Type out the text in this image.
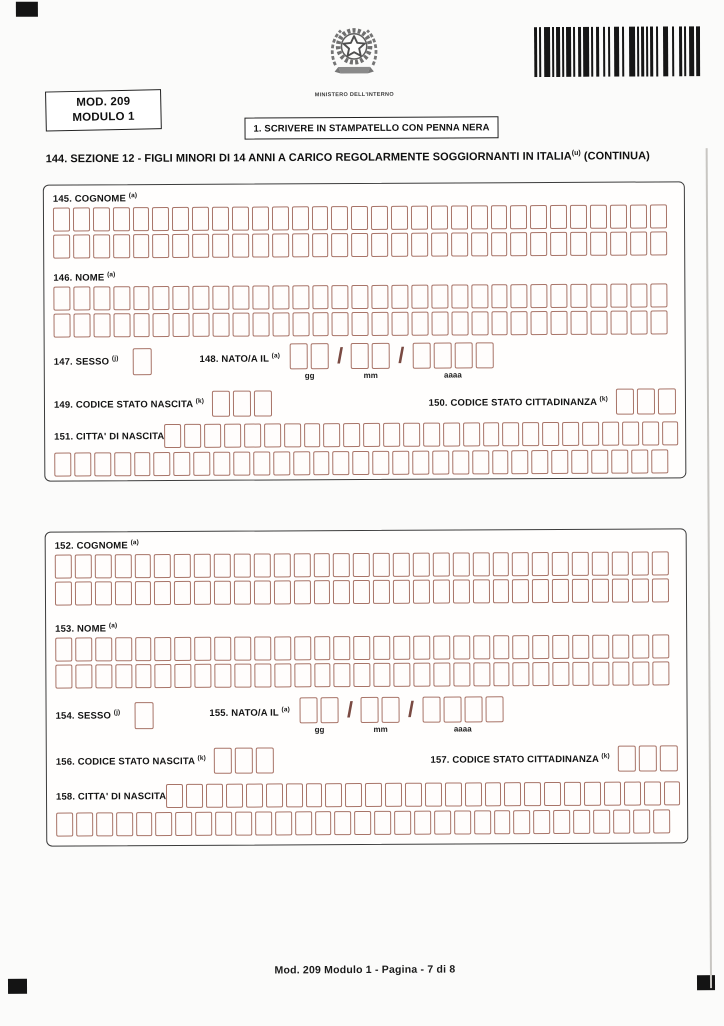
MINISTERO DELL'INTERNO
MOD. 209
MODULO 1
1. SCRIVERE IN STAMPATELLO CON PENNA NERA
144. SEZIONE 12 - FIGLI MINORI DI 14 ANNI A CARICO REGOLARMENTE SOGGIORNANTI IN ITALIA$^{(u)}$ (CONTINUA)
145. COGNOME $^{(a)}$
146. NOME $^{(a)}$
147. SESSO $^{(j)}$	148. NATO/A IL $^{(a)}$
gg
/
mm
/
aaaa
149. CODICE STATO NASCITA $^{(k)}$	150. CODICE STATO CITTADINANZA $^{(k)}$
151. CITTA' DI NASCITA
152. COGNOME $^{(a)}$
153. NOME $^{(a)}$
154. SESSO $^{(j)}$	155. NATO/A IL $^{(a)}$
gg
/
mm
/
aaaa
156. CODICE STATO NASCITA $^{(k)}$	157. CODICE STATO CITTADINANZA $^{(k)}$
158. CITTA' DI NASCITA
Mod. 209 Modulo 1 - Pagina - 7 di 8
